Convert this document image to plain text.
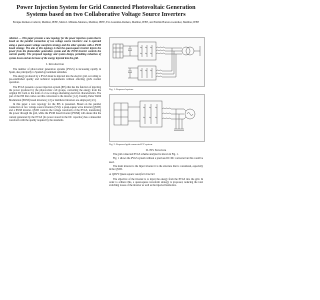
Power Injection System for Grid Connected Photovoltaic Generation Systems based on two Collaborative Voltage Source Inverters
Enrique Romero-Cadaval, Member, IEEE, María I. Milanés-Montero, Member, IEEE, Eva González-Romera, Member, IEEE, and Fermín Barrero-González, Member, IEEE

Abstract — This paper presents a new topology for the power injection system that is based on the parallel connection of two voltage source inverters: one is operated using a quasi-square voltage waveform strategy and the other operates with a PWM based strategy. The aim of this topology is that the quasi-square inverter injects the power from the photovoltaic generation system and the PWM inverter controls the current quality. The proposed topology and system design, permitting reduction of system losses and an increase of the energy injected into the grid.

I. Introduction

The number of photovoltaic generation systems (PVGS) is increasing rapidly in Spain, due principally to Spanish government subsidies.

The energy produced by a PVGS must be injected into the electric grid, according to pre-established quality and technical requirements without affecting grid's normal operation.

The PVGS presents a power injection system (PIS) that has the function of injecting the power produced by the photovoltaic cell groups, converting the energy from the original DC form to the form of a low-voltage alternating electrical characteristics. The part of the PIS that carries out this conversion is the inverter [1,2]. Usually, Pulse Width Modulation (PWM) based inverters [1,3] or multilevel inverters are employed [4,5].

In this paper a new topology for the PIS is presented. Based on the parallel connection of two voltage source inverters (VSI): a quasi-square wave inverter (QSWI) and a PWM inverter. QSWI controls the voltage waveform of the PVGS, transferring the power through the grid, while the PWM based inverter (PWMI) will ensure that the current generated by the PVGS (its power stored in the DC capacitor) has a sinusoidal waveform with the quality required by the standards.

Fig. 1. Proposed system.
Fig. 2. Proposed grid connected PV system.
II. PIS Structure

The grid connected PVGS scheme analyzed is shown in Fig. 1.

Fig. 1 shows the PVGS system without a previous DC/DC converter but this could be used.

The main inverter is the Inject inverter it is the structure that is considered, especially in the QSWI.

A. QSWV Quasi-square waveform Inverter

The objective of the inverter is to inject the energy from the PVGS into the grid. In order to achieve this, a quasi-square waveform strategy is proposed, reducing the total switching losses of the inverter as well as the injected harmonics.
